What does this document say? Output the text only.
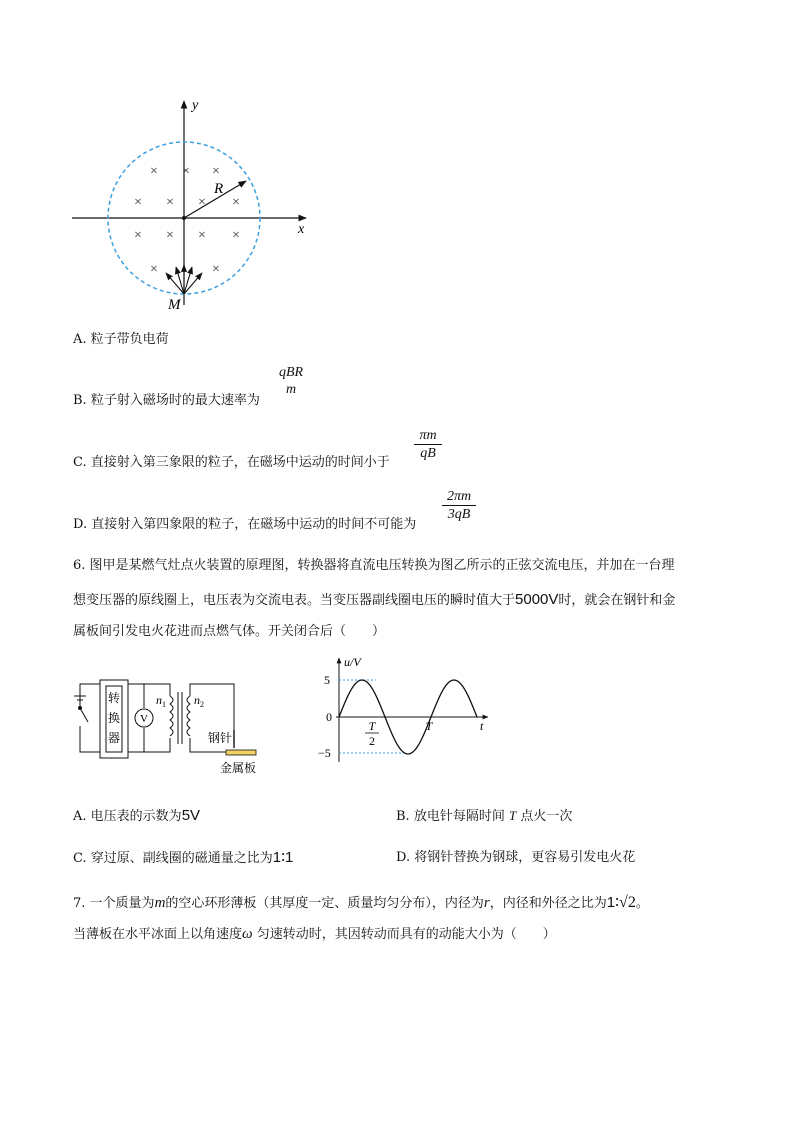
× × ×
× × × ×
× × × ×
×	×
y
x
R
M
A. 粒子带负电荷
B. 粒子射入磁场时的最大速率为
qBR
m
C. 直接射入第三象限的粒子，在磁场中运动的时间小于
πm
qB
D. 直接射入第四象限的粒子，在磁场中运动的时间不可能为
2πm
3qB
6. 图甲是某燃气灶点火装置的原理图，转换器将直流电压转换为图乙所示的正弦交流电压，并加在一台理
想变压器的原线圈上，电压表为交流电表。当变压器副线圈电压的瞬时值大于5000V时，就会在钢针和金
属板间引发电火花进而点燃气体。开关闭合后（　　）
转
换
器
V
$n_1$ $n_2$
钢针
金属板
u/V
t
5
0
−5
T
2
T
A. 电压表的示数为5V	B. 放电针每隔时间 T 点火一次
C. 穿过原、副线圈的磁通量之比为1∶1	D. 将钢针替换为钢球，更容易引发电火花
7. 一个质量为m的空心环形薄板（其厚度一定、质量均匀分布），内径为r，内径和外径之比为1∶√2。
当薄板在水平冰面上以角速度ω 匀速转动时，其因转动而具有的动能大小为（　　）
